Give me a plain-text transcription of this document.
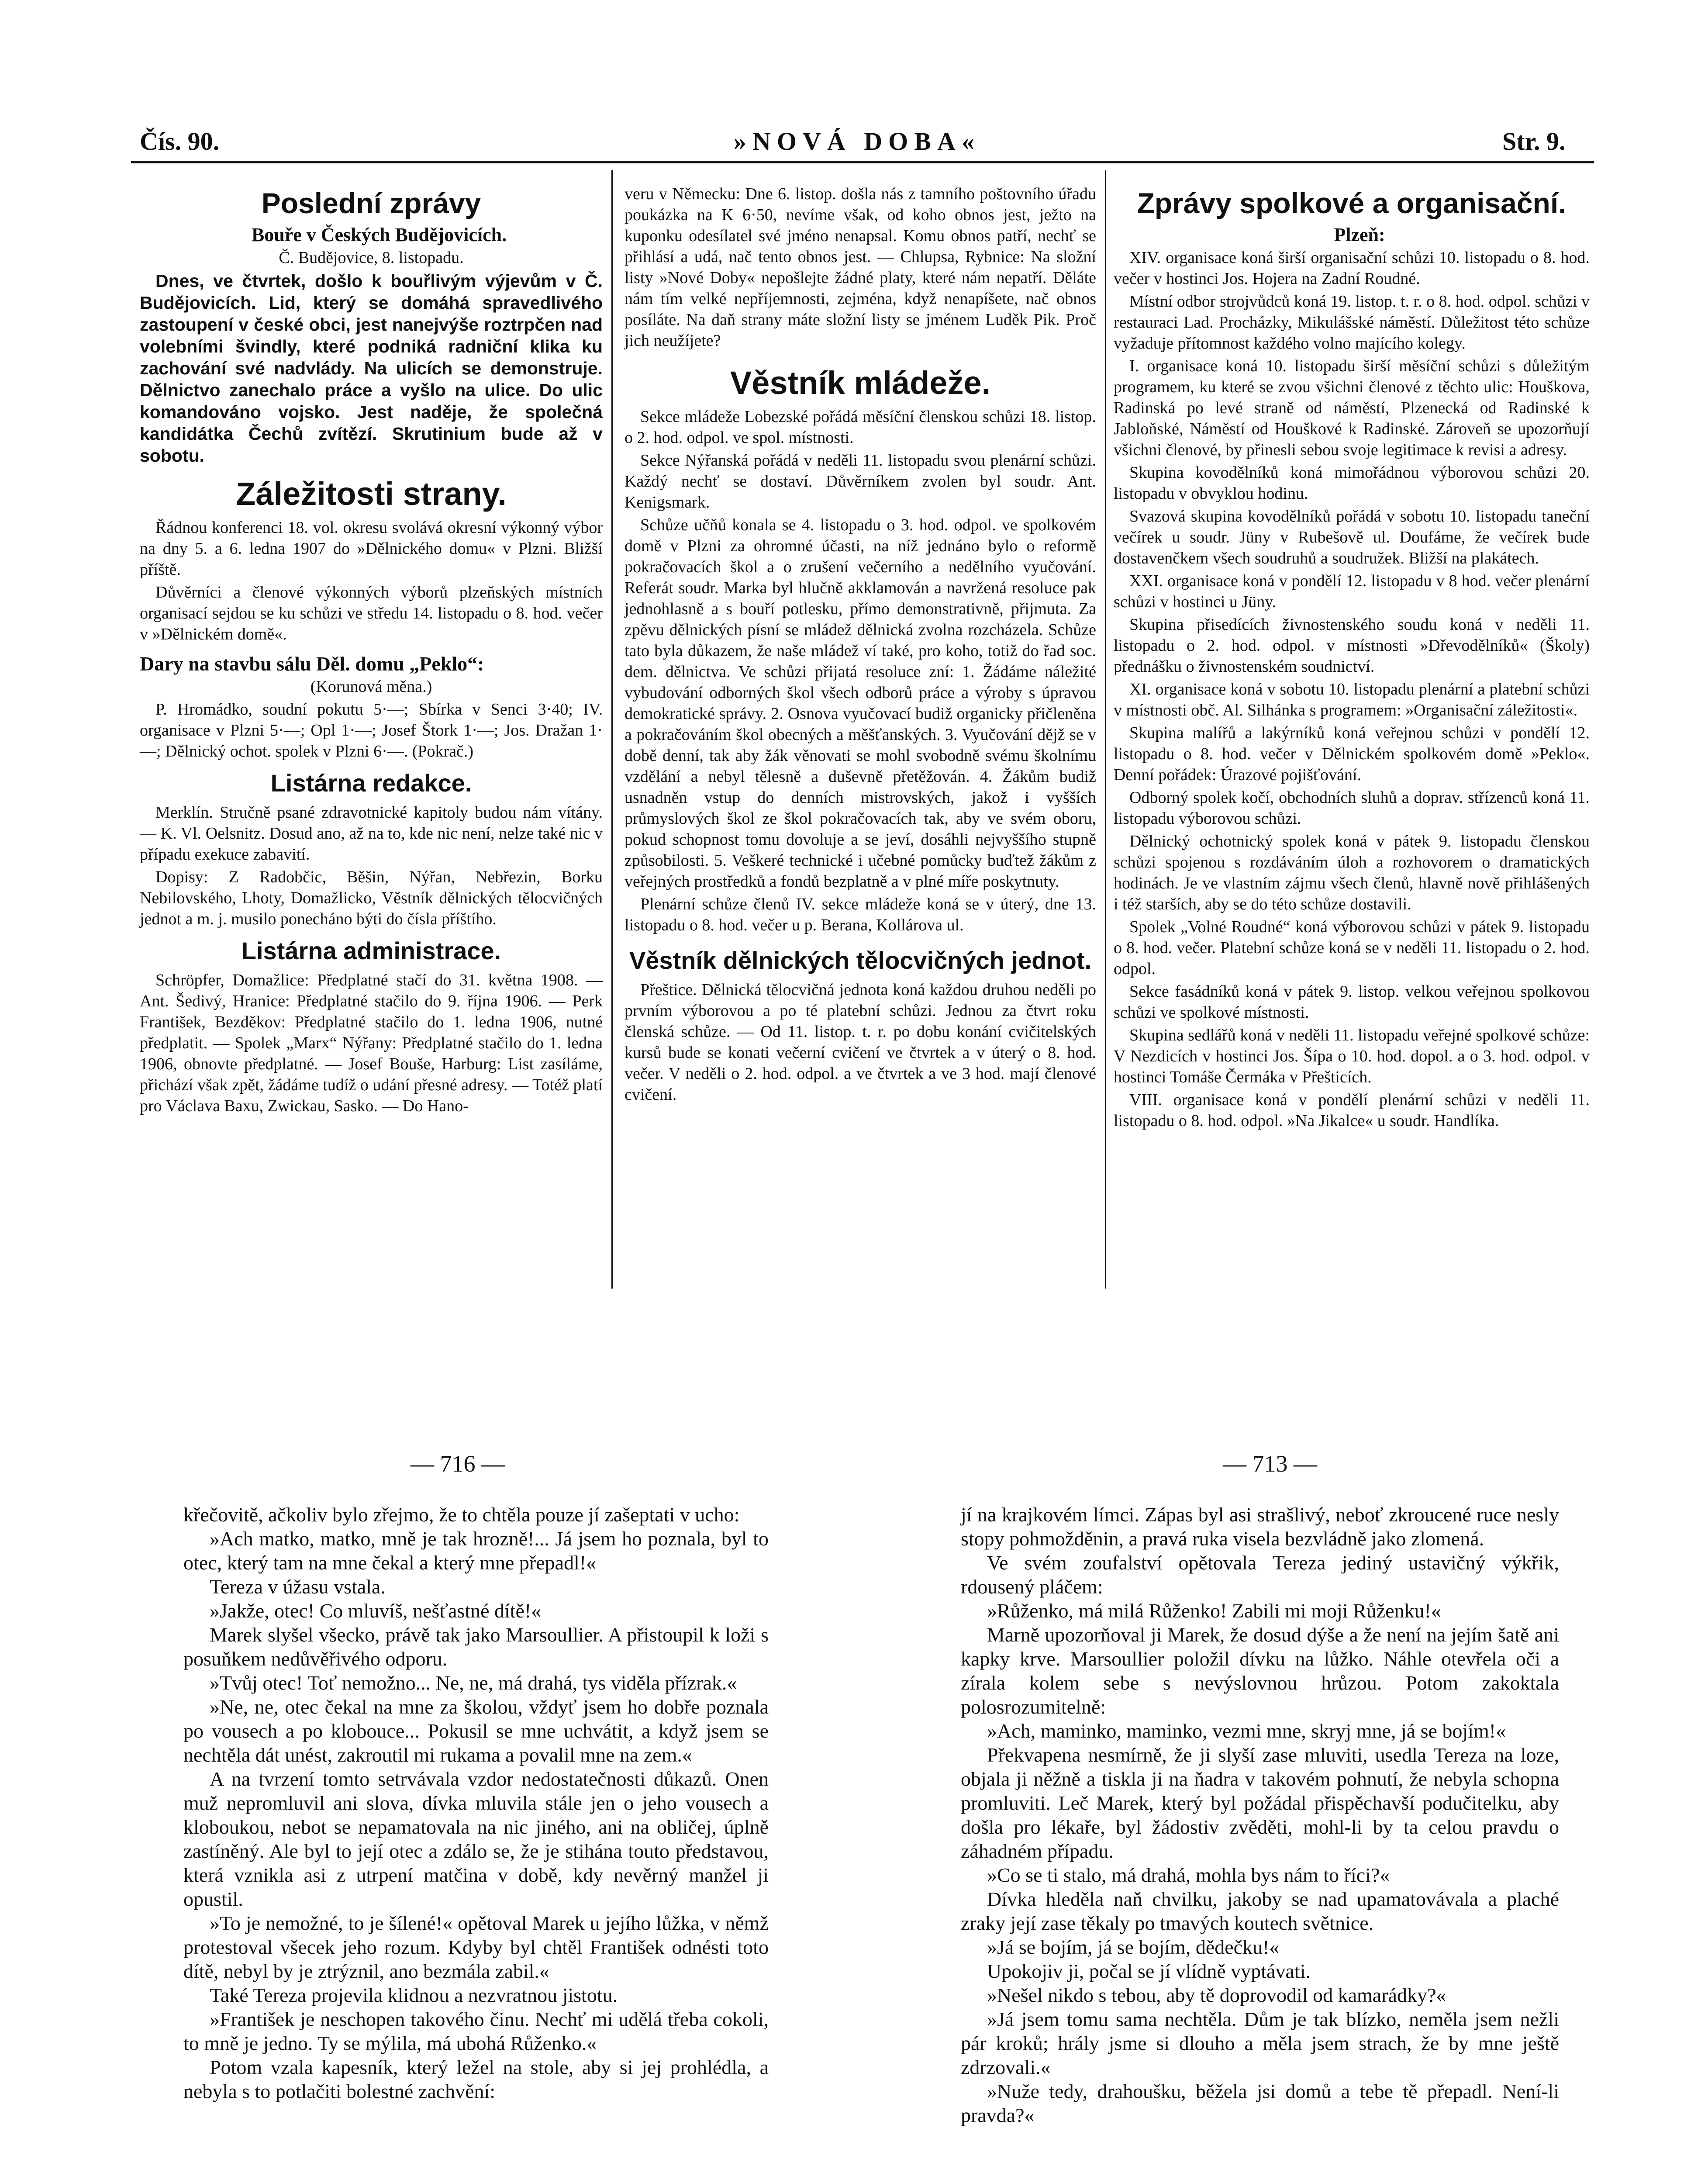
Čís. 90.	»NOVÁ DOBA«	Str. 9.
Poslední zprávy

Bouře v Českých Budějovicích.

Č. Budějovice, 8. listopadu.

Dnes, ve čtvrtek, došlo k bouřlivým výjevům v Č. Budějovicích. Lid, který se domáhá spravedlivého zastoupení v české obci, jest nanejvýše roztrpčen nad volebními švindly, které podniká radniční klika ku zachování své nadvlády. Na ulicích se demonstruje. Dělnictvo zanechalo práce a vyšlo na ulice. Do ulic komandováno vojsko. Jest naděje, že společná kandidátka Čechů zvítězí. Skrutinium bude až v sobotu.

Záležitosti strany.

Řádnou konferenci 18. vol. okresu svolává okresní výkonný výbor na dny 5. a 6. ledna 1907 do »Dělnického domu« v Plzni. Bližší příště.

Důvěrníci a členové výkonných výborů plzeňských místních organisací sejdou se ku schůzi ve středu 14. listopadu o 8. hod. večer v »Dělnickém domě«.

Dary na stavbu sálu Děl. domu „Peklo“:

(Korunová měna.)

P. Hromádko, soudní pokutu 5·—; Sbírka v Senci 3·40; IV. organisace v Plzni 5·—; Opl 1·—; Josef Štork 1·—; Jos. Dražan 1·—; Dělnický ochot. spolek v Plzni 6·—. (Pokrač.)

Listárna redakce.

Merklín. Stručně psané zdravotnické kapitoly budou nám vítány. — K. Vl. Oelsnitz. Dosud ano, až na to, kde nic není, nelze také nic v případu exekuce zabavití.

Dopisy: Z Radobčic, Běšin, Nýřan, Nebřezin, Borku Nebilovského, Lhoty, Domažlicko, Věstník dělnických tělocvičných jednot a m. j. musilo ponecháno býti do čísla příštího.

Listárna administrace.

Schröpfer, Domažlice: Předplatné stačí do 31. května 1908. — Ant. Šedivý, Hranice: Předplatné stačilo do 9. října 1906. — Perk František, Bezděkov: Předplatné stačilo do 1. ledna 1906, nutné předplatit. — Spolek „Marx“ Nýřany: Předplatné stačilo do 1. ledna 1906, obnovte předplatné. — Josef Bouše, Harburg: List zasíláme, přichází však zpět, žádáme tudíž o udání přesné adresy. — Totéž platí pro Václava Baxu, Zwickau, Sasko. — Do Hano-

veru v Německu: Dne 6. listop. došla nás z tamního poštovního úřadu poukázka na K 6·50, nevíme však, od koho obnos jest, ježto na kuponku odesílatel své jméno nenapsal. Komu obnos patří, nechť se přihlásí a udá, nač tento obnos jest. — Chlupsa, Rybnice: Na složní listy »Nové Doby« nepošlejte žádné platy, které nám nepatří. Děláte nám tím velké nepříjemnosti, zejména, když nenapíšete, nač obnos posíláte. Na daň strany máte složní listy se jménem Luděk Pik. Proč jich neužíjete?

Věstník mládeže.

Sekce mládeže Lobezské pořádá měsíční členskou schůzi 18. listop. o 2. hod. odpol. ve spol. místnosti.

Sekce Nýřanská pořádá v neděli 11. listopadu svou plenární schůzi. Každý nechť se dostaví. Důvěrníkem zvolen byl soudr. Ant. Kenigsmark.

Schůze učňů konala se 4. listopadu o 3. hod. odpol. ve spolkovém domě v Plzni za ohromné účasti, na níž jednáno bylo o reformě pokračovacích škol a o zrušení večerního a nedělního vyučování. Referát soudr. Marka byl hlučně akklamován a navržená resoluce pak jednohlasně a s bouří potlesku, přímo demonstrativně, přijmuta. Za zpěvu dělnických písní se mládež dělnická zvolna rozcházela. Schůze tato byla důkazem, že naše mládež ví také, pro koho, totiž do řad soc. dem. dělnictva. Ve schůzi přijatá resoluce zní: 1. Žádáme náležité vybudování odborných škol všech odborů práce a výroby s úpravou demokratické správy. 2. Osnova vyučovací budiž organicky přičleněna a pokračováním škol obecných a měšťanských. 3. Vyučování dějž se v době denní, tak aby žák věnovati se mohl svobodně svému školnímu vzdělání a nebyl tělesně a duševně přetěžován. 4. Žákům budiž usnadněn vstup do denních mistrovských, jakož i vyšších průmyslových škol ze škol pokračovacích tak, aby ve svém oboru, pokud schopnost tomu dovoluje a se jeví, dosáhli nejvyššího stupně způsobilosti. 5. Veškeré technické i učebné pomůcky buďtež žákům z veřejných prostředků a fondů bezplatně a v plné míře poskytnuty.

Plenární schůze členů IV. sekce mládeže koná se v úterý, dne 13. listopadu o 8. hod. večer u p. Berana, Kollárova ul.

Věstník dělnických tělocvičných jednot.

Přeštice. Dělnická tělocvičná jednota koná každou druhou neděli po prvním výborovou a po té platební schůzi. Jednou za čtvrt roku členská schůze. — Od 11. listop. t. r. po dobu konání cvičitelských kursů bude se konati večerní cvičení ve čtvrtek a v úterý o 8. hod. večer. V neděli o 2. hod. odpol. a ve čtvrtek a ve 3 hod. mají členové cvičení.

Zprávy spolkové a organisační.

Plzeň:

XIV. organisace koná širší organisační schůzi 10. listopadu o 8. hod. večer v hostinci Jos. Hojera na Zadní Roudné.

Místní odbor strojvůdců koná 19. listop. t. r. o 8. hod. odpol. schůzi v restauraci Lad. Procházky, Mikulášské náměstí. Důležitost této schůze vyžaduje přítomnost každého volno majícího kolegy.

I. organisace koná 10. listopadu širší měsíční schůzi s důležitým programem, ku které se zvou všichni členové z těchto ulic: Houškova, Radinská po levé straně od náměstí, Plzenecká od Radinské k Jabloňské, Náměstí od Houškové k Radinské. Zároveň se upozorňují všichni členové, by přinesli sebou svoje legitimace k revisi a adresy.

Skupina kovodělníků koná mimořádnou výborovou schůzi 20. listopadu v obvyklou hodinu.

Svazová skupina kovodělníků pořádá v sobotu 10. listopadu taneční večírek u soudr. Jüny v Rubešově ul. Doufáme, že večírek bude dostavenčkem všech soudruhů a soudružek. Bližší na plakátech.

XXI. organisace koná v pondělí 12. listopadu v 8 hod. večer plenární schůzi v hostinci u Jüny.

Skupina přisedících živnostenského soudu koná v neděli 11. listopadu o 2. hod. odpol. v místnosti »Dřevodělníků« (Školy) přednášku o živnostenském soudnictví.

XI. organisace koná v sobotu 10. listopadu plenární a platební schůzi v místnosti obč. Al. Silhánka s programem: »Organisační záležitosti«.

Skupina malířů a lakýrníků koná veřejnou schůzi v pondělí 12. listopadu o 8. hod. večer v Dělnickém spolkovém domě »Peklo«. Denní pořádek: Úrazové pojišťování.

Odborný spolek kočí, obchodních sluhů a doprav. střízenců koná 11. listopadu výborovou schůzi.

Dělnický ochotnický spolek koná v pátek 9. listopadu členskou schůzi spojenou s rozdáváním úloh a rozhovorem o dramatických hodinách. Je ve vlastním zájmu všech členů, hlavně nově přihlášených i též starších, aby se do této schůze dostavili.

Spolek „Volné Roudné“ koná výborovou schůzi v pátek 9. listopadu o 8. hod. večer. Platební schůze koná se v neděli 11. listopadu o 2. hod. odpol.

Sekce fasádníků koná v pátek 9. listop. velkou veřejnou spolkovou schůzi ve spolkové místnosti.

Skupina sedlářů koná v neděli 11. listopadu veřejné spolkové schůze: V Nezdicích v hostinci Jos. Šípa o 10. hod. dopol. a o 3. hod. odpol. v hostinci Tomáše Čermáka v Přešticích.

VIII. organisace koná v pondělí plenární schůzi v neděli 11. listopadu o 8. hod. odpol. »Na Jikalce« u soudr. Handlíka.

— 716 —	— 713 —

křečovitě, ačkoliv bylo zřejmo, že to chtěla pouze jí zašeptati v ucho:

»Ach matko, matko, mně je tak hrozně!... Já jsem ho poznala, byl to otec, který tam na mne čekal a který mne přepadl!«

Tereza v úžasu vstala.

»Jakže, otec! Co mluvíš, nešťastné dítě!«

Marek slyšel všecko, právě tak jako Marsoullier. A přistoupil k loži s posuňkem nedůvěřivého odporu.

»Tvůj otec! Toť nemožno... Ne, ne, má drahá, tys viděla přízrak.«

»Ne, ne, otec čekal na mne za školou, vždyť jsem ho dobře poznala po vousech a po klobouce... Pokusil se mne uchvátit, a když jsem se nechtěla dát unést, zakroutil mi rukama a povalil mne na zem.«

A na tvrzení tomto setrvávala vzdor nedostatečnosti důkazů. Onen muž nepromluvil ani slova, dívka mluvila stále jen o jeho vousech a kloboukou, nebot se nepamatovala na nic jiného, ani na obličej, úplně zastíněný. Ale byl to její otec a zdálo se, že je stihána touto představou, která vznikla asi z utrpení matčina v době, kdy nevěrný manžel ji opustil.

»To je nemožné, to je šílené!« opětoval Marek u jejího lůžka, v němž protestoval všecek jeho rozum. Kdyby byl chtěl František odnésti toto dítě, nebyl by je ztrýznil, ano bezmála zabil.«

Také Tereza projevila klidnou a nezvratnou jistotu.

»František je neschopen takového činu. Nechť mi udělá třeba cokoli, to mně je jedno. Ty se mýlila, má ubohá Růženko.«

Potom vzala kapesník, který ležel na stole, aby si jej prohlédla, a nebyla s to potlačiti bolestné zachvění:

jí na krajkovém límci. Zápas byl asi strašlivý, neboť zkroucené ruce nesly stopy pohmožděnin, a pravá ruka visela bezvládně jako zlomená.

Ve svém zoufalství opětovala Tereza jediný ustavičný výkřik, rdousený pláčem:

»Růženko, má milá Růženko! Zabili mi moji Růženku!«

Marně upozorňoval ji Marek, že dosud dýše a že není na jejím šatě ani kapky krve. Marsoullier položil dívku na lůžko. Náhle otevřela oči a zírala kolem sebe s nevýslovnou hrůzou. Potom zakoktala polosrozumitelně:

»Ach, maminko, maminko, vezmi mne, skryj mne, já se bojím!«

Překvapena nesmírně, že ji slyší zase mluviti, usedla Tereza na loze, objala ji něžně a tiskla ji na ňadra v takovém pohnutí, že nebyla schopna promluviti. Leč Marek, který byl požádal přispěchavší podučitelku, aby došla pro lékaře, byl žádostiv zvěděti, mohl-li by ta celou pravdu o záhadném případu.

»Co se ti stalo, má drahá, mohla bys nám to říci?«

Dívka hleděla naň chvilku, jakoby se nad upamatovávala a plaché zraky její zase těkaly po tmavých koutech světnice.

»Já se bojím, já se bojím, dědečku!«

Upokojiv ji, počal se jí vlídně vyptávati.

»Nešel nikdo s tebou, aby tě doprovodil od kamarádky?«

»Já jsem tomu sama nechtěla. Dům je tak blízko, neměla jsem nežli pár kroků; hrály jsme si dlouho a měla jsem strach, že by mne ještě zdrzovali.«

»Nuže tedy, drahoušku, běžela jsi domů a tebe tě přepadl. Není-li pravda?«
